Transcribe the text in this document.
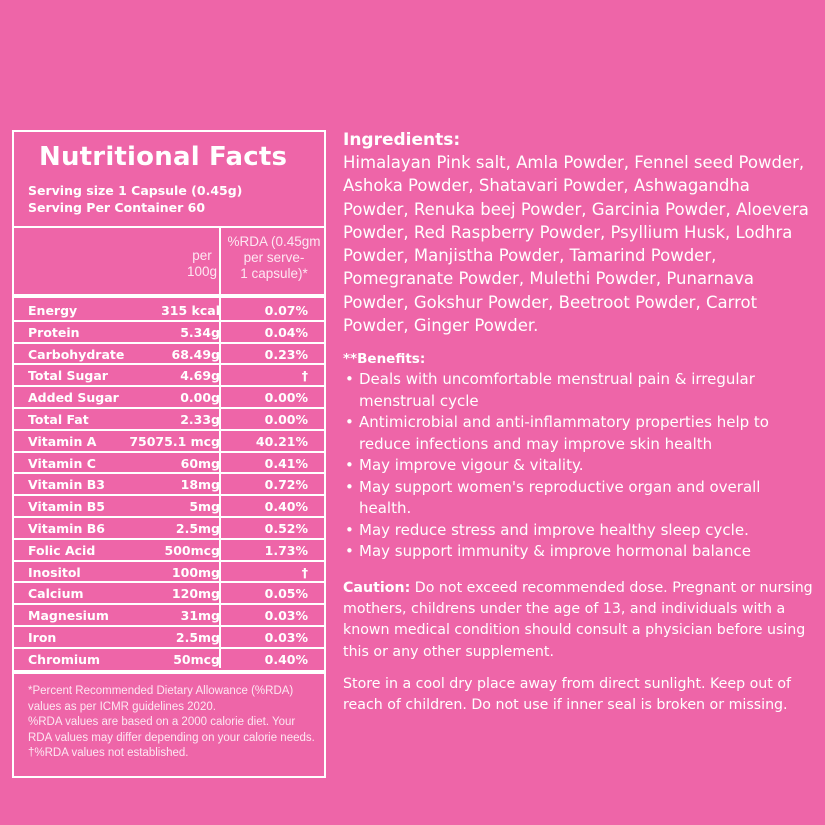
Nutritional Facts
Serving size 1 Capsule (0.45g)
Serving Per Container 60
per
100g
%RDA (0.45gm
per serve-
1 capsule)*
Energy	315 kcal	0.07%
Protein	5.34g	0.04%
Carbohydrate	68.49g	0.23%
Total Sugar	4.69g	†
Added Sugar	0.00g	0.00%
Total Fat	2.33g	0.00%
Vitamin A	75075.1 mcg	40.21%
Vitamin C	60mg	0.41%
Vitamin B3	18mg	0.72%
Vitamin B5	5mg	0.40%
Vitamin B6	2.5mg	0.52%
Folic Acid	500mcg	1.73%
Inositol	100mg	†
Calcium	120mg	0.05%
Magnesium	31mg	0.03%
Iron	2.5mg	0.03%
Chromium	50mcg	0.40%
*Percent Recommended Dietary Allowance (%RDA) values as per ICMR guidelines 2020.
%RDA values are based on a 2000 calorie diet. Your RDA values may differ depending on your calorie needs. †%RDA values not established.
Ingredients:
Himalayan Pink salt, Amla Powder, Fennel seed Powder, Ashoka Powder, Shatavari Powder, Ashwagandha Powder, Renuka beej Powder, Garcinia Powder, Aloevera Powder, Red Raspberry Powder, Psyllium Husk, Lodhra Powder, Manjistha Powder, Tamarind Powder, Pomegranate Powder, Mulethi Powder, Punarnava Powder, Gokshur Powder, Beetroot Powder, Carrot Powder, Ginger Powder.
**Benefits:
• Deals with uncomfortable menstrual pain & irregular menstrual cycle
• Antimicrobial and anti-inflammatory properties help to reduce infections and may improve skin health
• May improve vigour & vitality.
• May support women's reproductive organ and overall health.
• May reduce stress and improve healthy sleep cycle.
• May support immunity & improve hormonal balance
Caution: Do not exceed recommended dose. Pregnant or nursing mothers, childrens under the age of 13, and individuals with a known medical condition should consult a physician before using this or any other supplement.
Store in a cool dry place away from direct sunlight. Keep out of reach of children. Do not use if inner seal is broken or missing.
